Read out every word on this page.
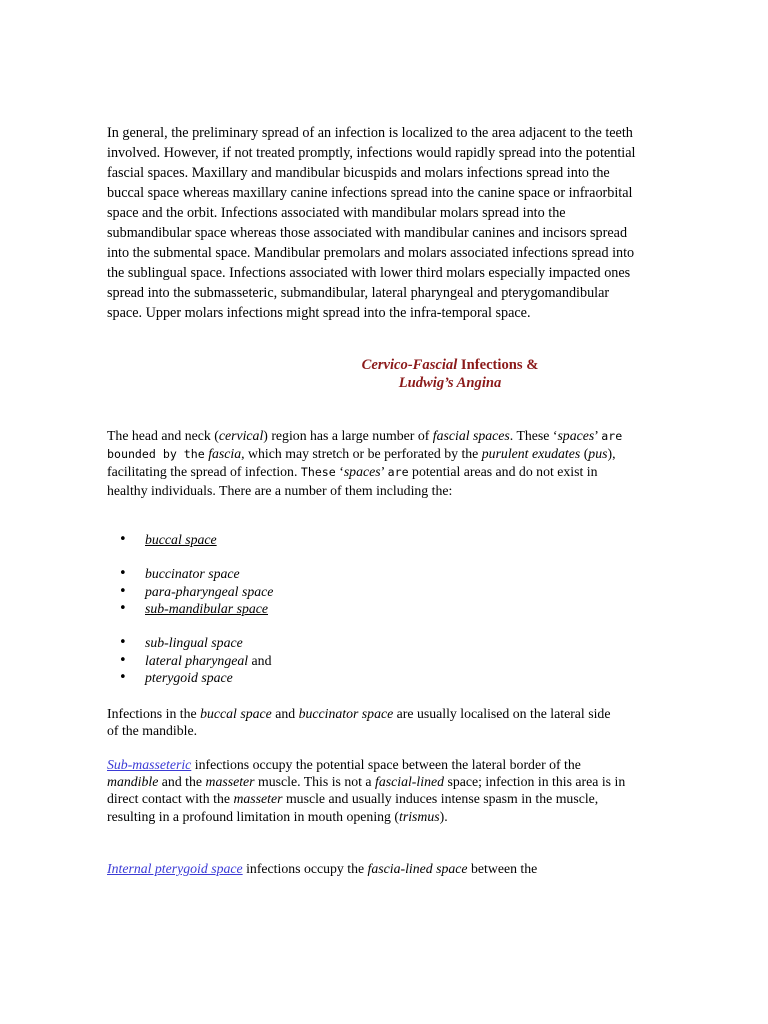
In general, the preliminary spread of an infection is localized to the area adjacent to the teeth involved. However, if not treated promptly, infections would rapidly spread into the potential fascial spaces. Maxillary and mandibular bicuspids and molars infections spread into the buccal space whereas maxillary canine infections spread into the canine space or infraorbital space and the orbit. Infections associated with mandibular molars spread into the submandibular space whereas those associated with mandibular canines and incisors spread into the submental space. Mandibular premolars and molars associated infections spread into the sublingual space. Infections associated with lower third molars especially impacted ones spread into the submasseteric, submandibular, lateral pharyngeal and pterygomandibular space. Upper molars infections might spread into the infra-temporal space.

Cervico-Fascial Infections &
Ludwig’s Angina

The head and neck (cervical) region has a large number of fascial spaces. These ‘spaces’ are bounded by the fascia, which may stretch or be perforated by the purulent exudates (pus), facilitating the spread of infection. These ‘spaces’ are potential areas and do not exist in healthy individuals. There are a number of them including the:

• buccal space
• buccinator space
• para-pharyngeal space
• sub-mandibular space
• sub-lingual space
• lateral pharyngeal and
• pterygoid space

Infections in the buccal space and buccinator space are usually localised on the lateral side of the mandible.

Sub-masseteric infections occupy the potential space between the lateral border of the mandible and the masseter muscle. This is not a fascial-lined space; infection in this area is in direct contact with the masseter muscle and usually induces intense spasm in the muscle, resulting in a profound limitation in mouth opening (trismus).

Internal pterygoid space infections occupy the fascia-lined space between the
